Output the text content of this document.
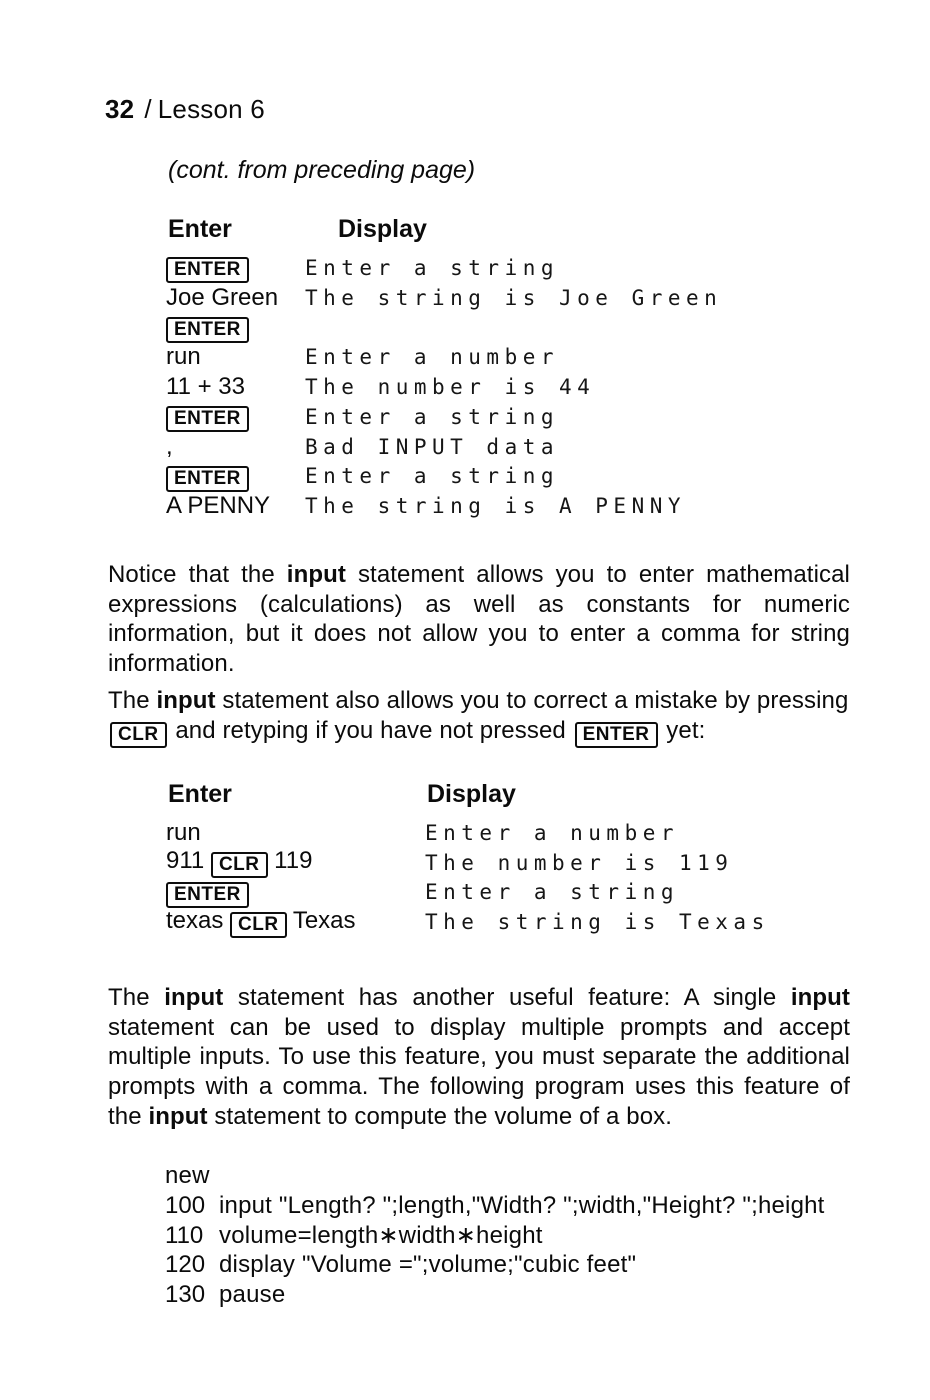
32 / Lesson 6
(cont. from preceding page)
Enter	Display
ENTER	Enter a string
Joe Green	The string is Joe Green
ENTER
run	Enter a number
11 + 33	The number is 44
ENTER	Enter a string
,	Bad INPUT data
ENTER	Enter a string
A PENNY	The string is A PENNY
Notice that the input statement allows you to enter mathematical expressions (calculations) as well as constants for numeric information, but it does not allow you to enter a comma for string information.
The input statement also allows you to correct a mistake by pressing CLR and retyping if you have not pressed ENTER yet:
Enter	Display
run	Enter a number
911 CLR 119	The number is 119
ENTER	Enter a string
texas CLR Texas	The string is Texas
The input statement has another useful feature: A single input statement can be used to display multiple prompts and accept multiple inputs. To use this feature, you must separate the additional prompts with a comma. The following program uses this feature of the input statement to compute the volume of a box.
new
100 input "Length? ";length,"Width? ";width,"Height? ";height
110 volume=length∗width∗height
120 display "Volume =";volume;"cubic feet"
130 pause
